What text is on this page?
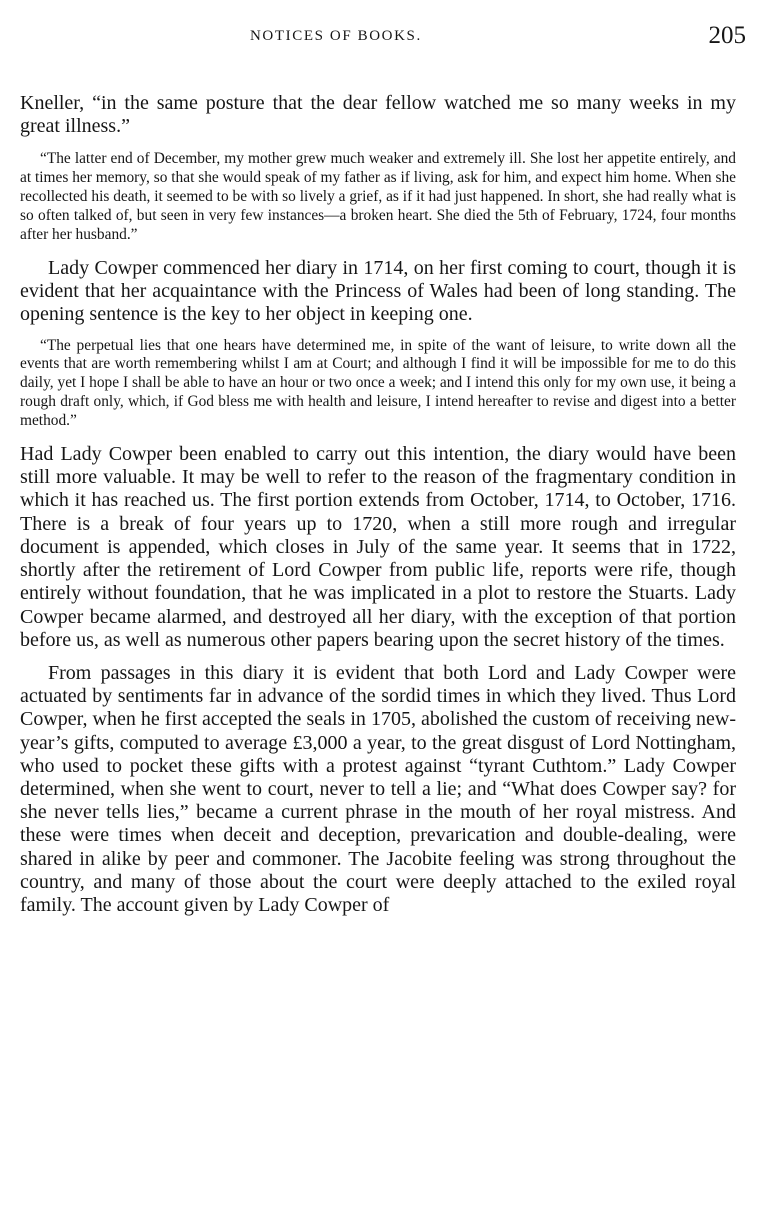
NOTICES OF BOOKS.	205

Kneller, “in the same posture that the dear fellow watched me so many weeks in my great illness.”

“The latter end of December, my mother grew much weaker and extremely ill. She lost her appetite entirely, and at times her memory, so that she would speak of my father as if living, ask for him, and expect him home. When she recollected his death, it seemed to be with so lively a grief, as if it had just happened. In short, she had really what is so often talked of, but seen in very few instances—a broken heart. She died the 5th of February, 1724, four months after her husband.”

Lady Cowper commenced her diary in 1714, on her first coming to court, though it is evident that her acquaintance with the Princess of Wales had been of long standing. The opening sentence is the key to her object in keeping one.

“The perpetual lies that one hears have determined me, in spite of the want of leisure, to write down all the events that are worth remembering whilst I am at Court; and although I find it will be impossible for me to do this daily, yet I hope I shall be able to have an hour or two once a week; and I intend this only for my own use, it being a rough draft only, which, if God bless me with health and leisure, I intend hereafter to revise and digest into a better method.”

Had Lady Cowper been enabled to carry out this intention, the diary would have been still more valuable. It may be well to refer to the reason of the fragmentary condition in which it has reached us. The first portion extends from October, 1714, to October, 1716. There is a break of four years up to 1720, when a still more rough and irregular document is appended, which closes in July of the same year. It seems that in 1722, shortly after the retirement of Lord Cowper from public life, reports were rife, though entirely without foundation, that he was implicated in a plot to restore the Stuarts. Lady Cowper became alarmed, and destroyed all her diary, with the exception of that portion before us, as well as numerous other papers bearing upon the secret history of the times.

From passages in this diary it is evident that both Lord and Lady Cowper were actuated by sentiments far in advance of the sordid times in which they lived. Thus Lord Cowper, when he first accepted the seals in 1705, abolished the custom of receiving new-year’s gifts, computed to average £3,000 a year, to the great disgust of Lord Nottingham, who used to pocket these gifts with a protest against “tyrant Cuthtom.” Lady Cowper determined, when she went to court, never to tell a lie; and “What does Cowper say? for she never tells lies,” became a current phrase in the mouth of her royal mistress. And these were times when deceit and deception, prevarication and double-dealing, were shared in alike by peer and commoner. The Jacobite feeling was strong throughout the country, and many of those about the court were deeply attached to the exiled royal family. The account given by Lady Cowper of
